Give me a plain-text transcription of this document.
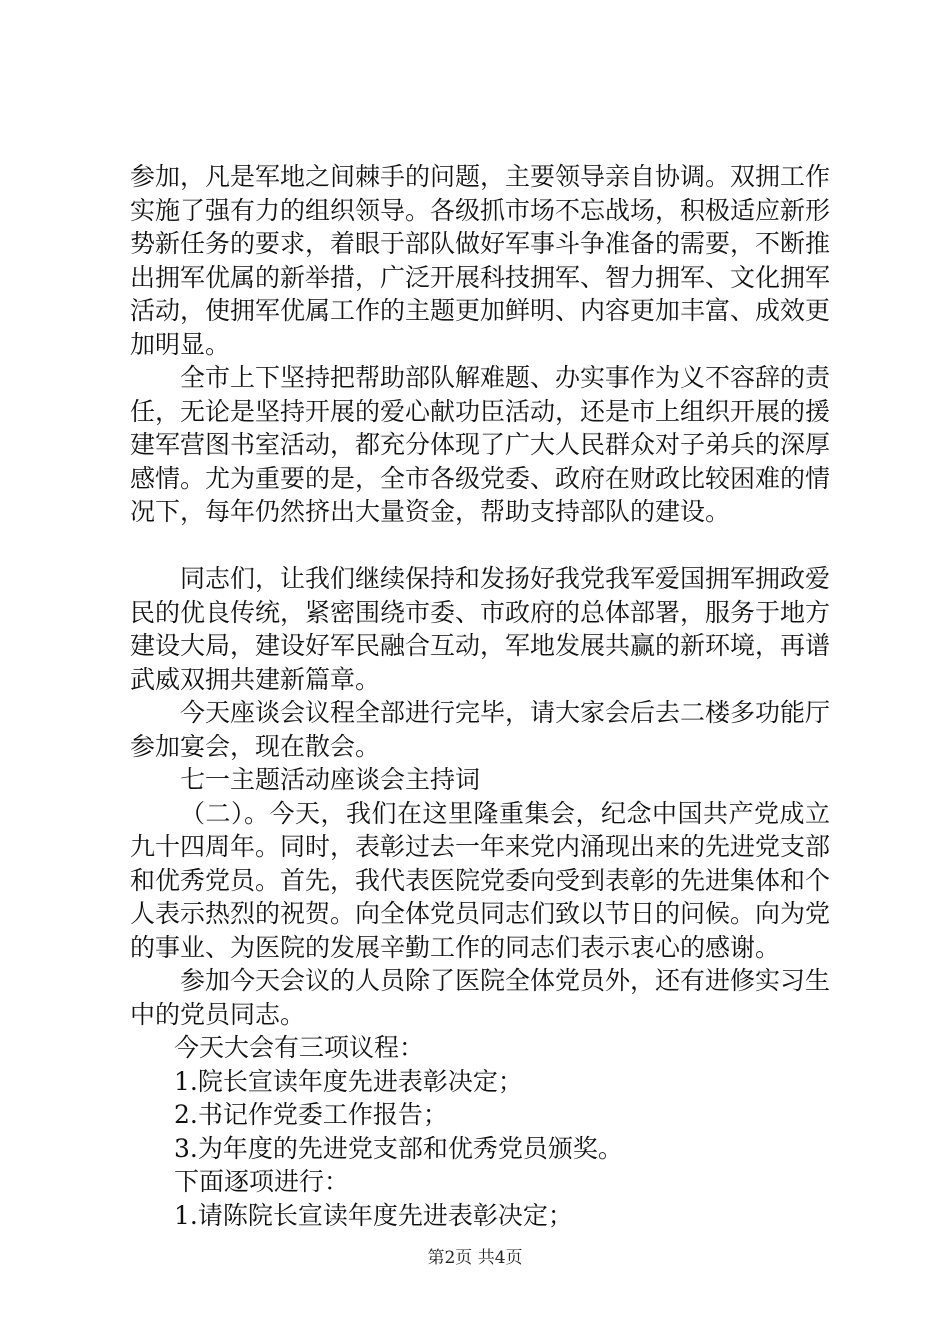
参加，凡是军地之间棘手的问题，主要领导亲自协调。双拥工作实施了强有力的组织领导。各级抓市场不忘战场，积极适应新形势新任务的要求，着眼于部队做好军事斗争准备的需要，不断推出拥军优属的新举措，广泛开展科技拥军、智力拥军、文化拥军活动，使拥军优属工作的主题更加鲜明、内容更加丰富、成效更加明显。

全市上下坚持把帮助部队解难题、办实事作为义不容辞的责任，无论是坚持开展的爱心献功臣活动，还是市上组织开展的援建军营图书室活动，都充分体现了广大人民群众对子弟兵的深厚感情。尤为重要的是，全市各级党委、政府在财政比较困难的情况下，每年仍然挤出大量资金，帮助支持部队的建设。

同志们，让我们继续保持和发扬好我党我军爱国拥军拥政爱民的优良传统，紧密围绕市委、市政府的总体部署，服务于地方建设大局，建设好军民融合互动，军地发展共赢的新环境，再谱武威双拥共建新篇章。

今天座谈会议程全部进行完毕，请大家会后去二楼多功能厅参加宴会，现在散会。

七一主题活动座谈会主持词

（二）。今天，我们在这里隆重集会，纪念中国共产党成立九十四周年。同时，表彰过去一年来党内涌现出来的先进党支部和优秀党员。首先，我代表医院党委向受到表彰的先进集体和个人表示热烈的祝贺。向全体党员同志们致以节日的问候。向为党的事业、为医院的发展辛勤工作的同志们表示衷心的感谢。

参加今天会议的人员除了医院全体党员外，还有进修实习生中的党员同志。

今天大会有三项议程：

1.院长宣读年度先进表彰决定；

2.书记作党委工作报告；

3.为年度的先进党支部和优秀党员颁奖。

下面逐项进行：

1.请陈院长宣读年度先进表彰决定；

第2页 共4页
